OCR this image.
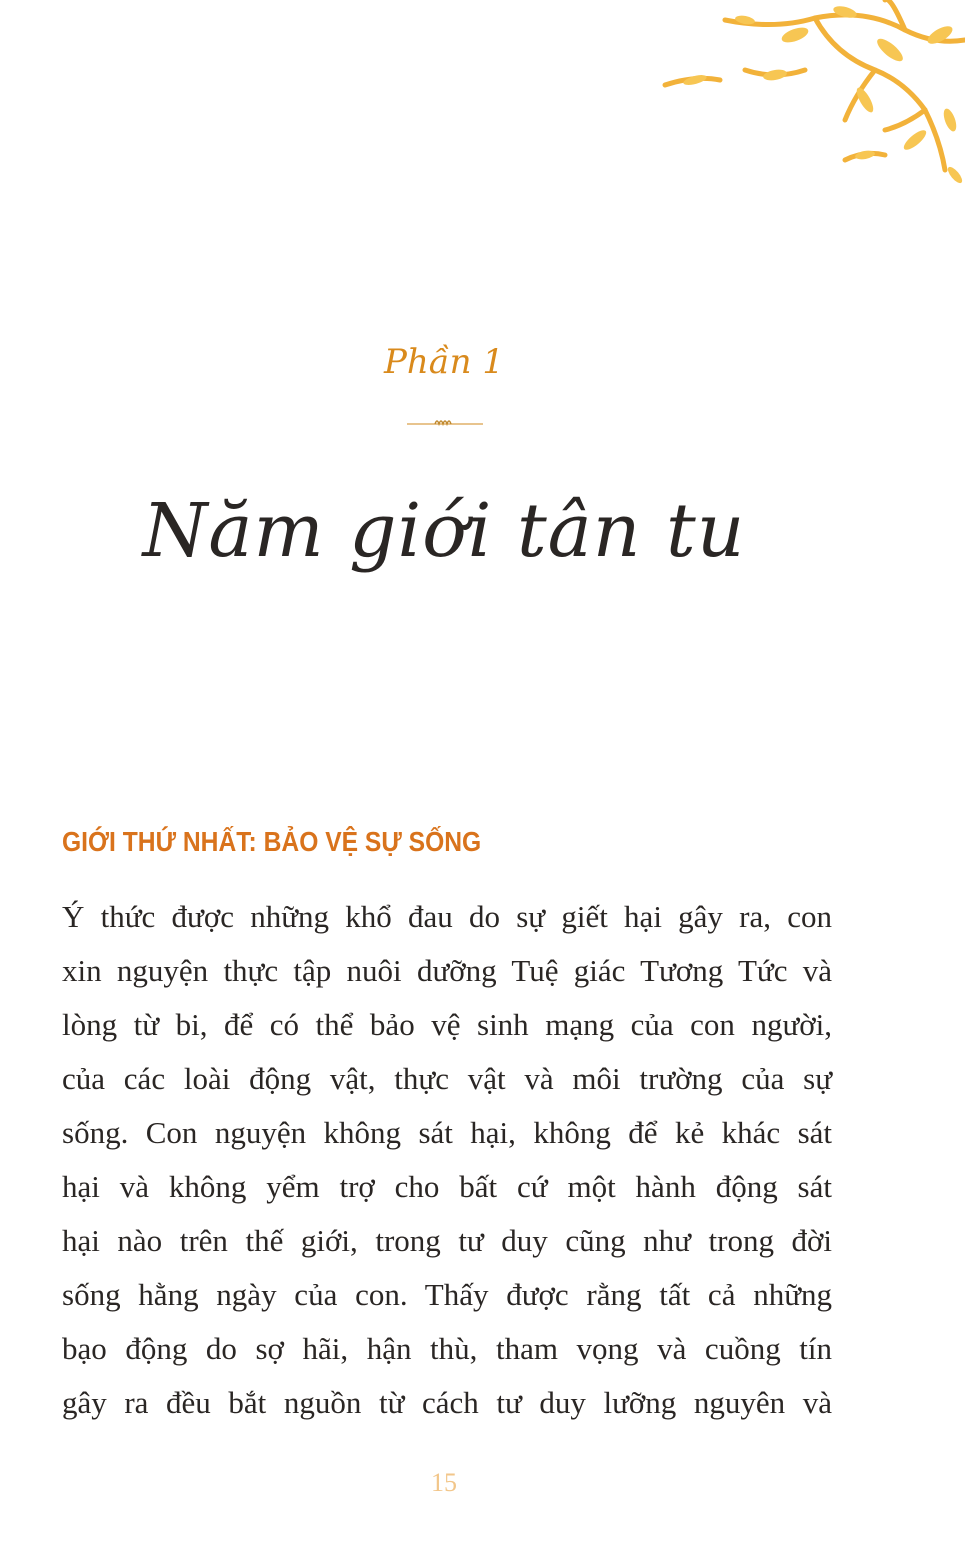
Phần 1
Năm giới tân tu
GIỚI THỨ NHẤT: BẢO VỆ SỰ SỐNG

Ý thức được những khổ đau do sự giết hại gây ra, con
xin nguyện thực tập nuôi dưỡng Tuệ giác Tương Tức và
lòng từ bi, để có thể bảo vệ sinh mạng của con người,
của các loài động vật, thực vật và môi trường của sự
sống. Con nguyện không sát hại, không để kẻ khác sát
hại và không yểm trợ cho bất cứ một hành động sát
hại nào trên thế giới, trong tư duy cũng như trong đời
sống hằng ngày của con. Thấy được rằng tất cả những
bạo động do sợ hãi, hận thù, tham vọng và cuồng tín
gây ra đều bắt nguồn từ cách tư duy lưỡng nguyên và

15
